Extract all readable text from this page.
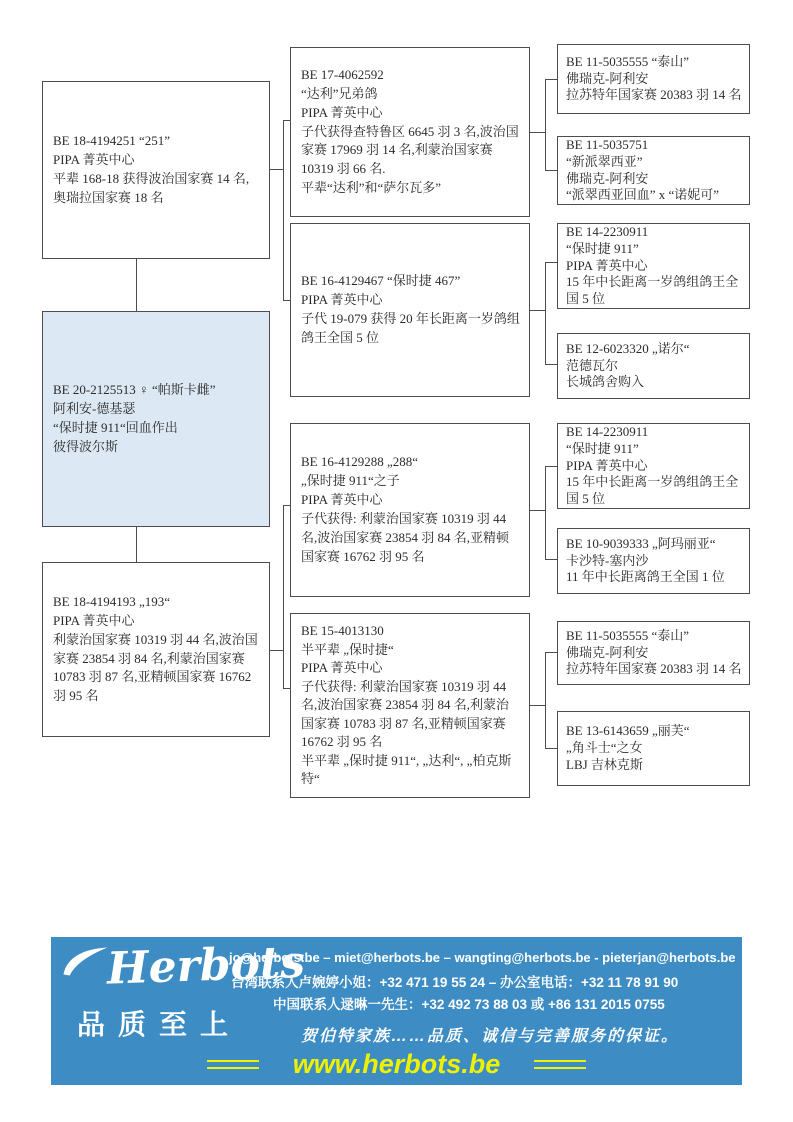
BE 18-4194251 “251”
PIPA 菁英中心
平辈 168-18 获得波治国家赛 14 名,
奥瑞拉国家赛 18 名
BE 20-2125513 ♀ “帕斯卡雌”
阿利安-德基瑟
“保时捷 911“回血作出
彼得波尔斯
BE 18-4194193 „193“
PIPA 菁英中心
利蒙治国家赛 10319 羽 44 名,波治国家赛 23854 羽 84 名,利蒙治国家赛 10783 羽 87 名,亚精顿国家赛 16762 羽 95 名
BE 17-4062592
“达利”兄弟鸽
PIPA 菁英中心
子代获得查特鲁区 6645 羽 3 名,波治国家赛 17969 羽 14 名,利蒙治国家赛 10319 羽 66 名.
平辈“达利”和“萨尔瓦多”
BE 16-4129467 “保时捷 467”
PIPA 菁英中心
子代 19-079 获得 20 年长距离一岁鸽组鸽王全国 5 位
BE 16-4129288 „288“
„保时捷 911“之子
PIPA 菁英中心
子代获得: 利蒙治国家赛 10319 羽 44 名,波治国家赛 23854 羽 84 名,亚精顿国家赛 16762 羽 95 名
BE 15-4013130
半平辈 „保时捷“
PIPA 菁英中心
子代获得: 利蒙治国家赛 10319 羽 44 名,波治国家赛 23854 羽 84 名,利蒙治国家赛 10783 羽 87 名,亚精顿国家赛 16762 羽 95 名
半平辈 „保时捷 911“, „达利“, „柏克斯特“
BE 11-5035555 “泰山”
佛瑞克-阿利安
拉苏特年国家赛 20383 羽 14 名
BE 11-5035751
“新派翠西亚”
佛瑞克-阿利安
“派翠西亚回血” x “诺妮可”
BE 14-2230911
“保时捷 911”
PIPA 菁英中心
15 年中长距离一岁鸽组鸽王全国 5 位
BE 12-6023320 „诺尔“
范德瓦尔
长城鸽舍购入
BE 14-2230911
“保时捷 911”
PIPA 菁英中心
15 年中长距离一岁鸽组鸽王全国 5 位
BE 10-9039333 „阿玛丽亚“
卡沙特-塞内沙
11 年中长距离鸽王全国 1 位
BE 11-5035555 “泰山”
佛瑞克-阿利安
拉苏特年国家赛 20383 羽 14 名
BE 13-6143659 „丽芙“
„角斗士“之女
LBJ 吉林克斯
Herbots
品质至上
jo@herbots.be – miet@herbots.be – wangting@herbots.be - pieterjan@herbots.be
台湾联系人卢婉婷小姐：+32 471 19 55 24 – 办公室电话：+32 11 78 91 90
中国联系人逯晽一先生：+32 492 73 88 03 或 +86 131 2015 0755
贺伯特家族……品质、诚信与完善服务的保证。
www.herbots.be
